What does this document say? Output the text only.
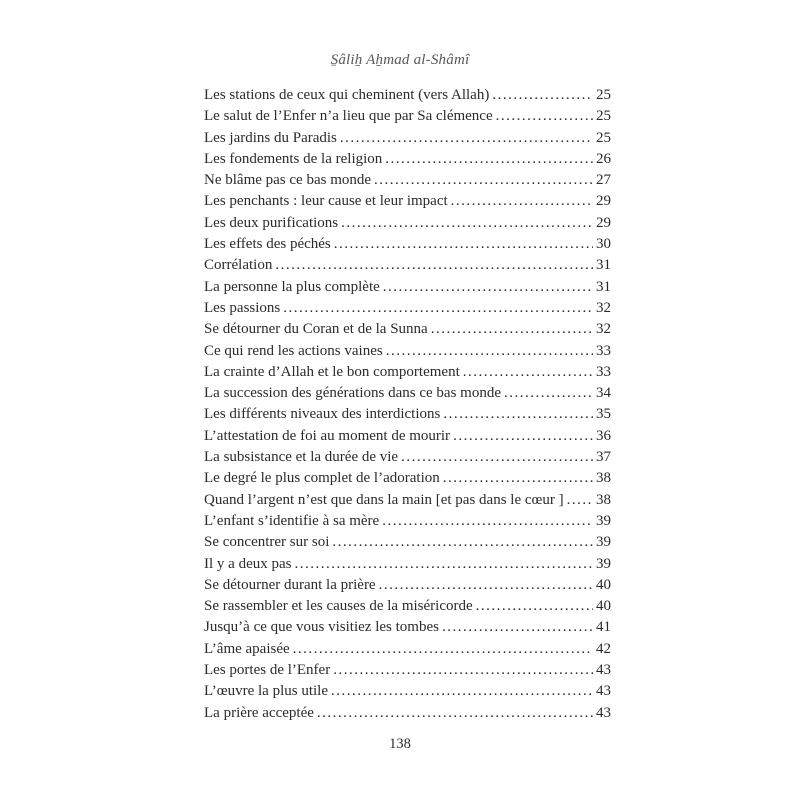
S̱âliẖ Aẖmad al-Shâmî
Les stations de ceux qui cheminent (vers Allah) .....	25
Le salut de l’Enfer n’a lieu que par Sa clémence .....	25
Les jardins du Paradis .....	25
Les fondements de la religion .....	26
Ne blâme pas ce bas monde .....	27
Les penchants : leur cause et leur impact .....	29
Les deux purifications .....	29
Les effets des péchés .....	30
Corrélation .....	31
La personne la plus complète .....	31
Les passions .....	32
Se détourner du Coran et de la Sunna .....	32
Ce qui rend les actions vaines .....	33
La crainte d’Allah et le bon comportement .....	33
La succession des générations dans ce bas monde .....	34
Les différents niveaux des interdictions .....	35
L’attestation de foi au moment de mourir .....	36
La subsistance et la durée de vie .....	37
Le degré le plus complet de l’adoration .....	38
Quand l’argent n’est que dans la main [et pas dans le cœur ] ..... 38
L’enfant s’identifie à sa mère .....	39
Se concentrer sur soi .....	39
Il y a deux pas .....	39
Se détourner durant la prière .....	40
Se rassembler et les causes de la miséricorde .....	40
Jusqu’à ce que vous visitiez les tombes .....	41
L’âme apaisée .....	42
Les portes de l’Enfer .....	43
L’œuvre la plus utile .....	43
La prière acceptée .....	43
138
